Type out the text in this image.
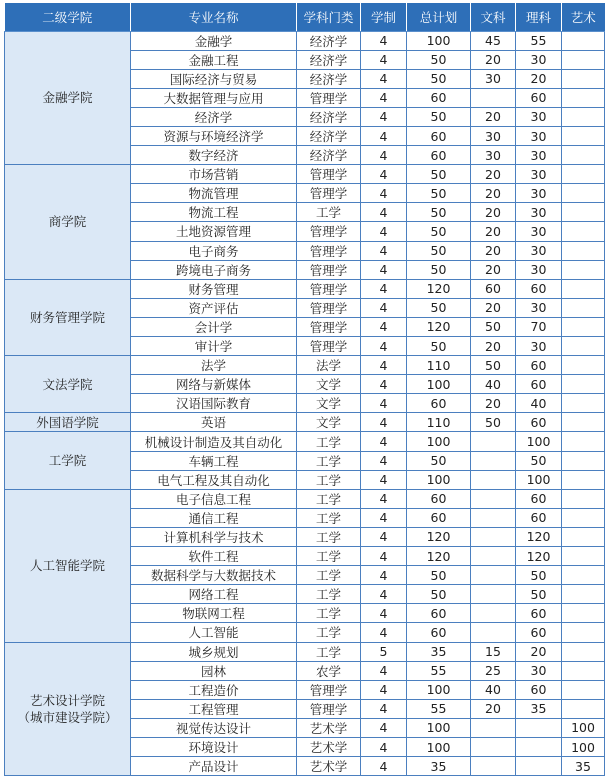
二级学院	专业名称	学科门类	学制	总计划	文科	理科	艺术

金融学院	金融学	经济学	4	100	45	55	
	金融工程	经济学	4	50	20	30	
	国际经济与贸易	经济学	4	50	30	20	
	大数据管理与应用	管理学	4	60		60	
	经济学	经济学	4	50	20	30	
	资源与环境经济学	经济学	4	60	30	30	
	数字经济	经济学	4	60	30	30	

商学院	市场营销	管理学	4	50	20	30	
	物流管理	管理学	4	50	20	30	
	物流工程	工学	4	50	20	30	
	土地资源管理	管理学	4	50	20	30	
	电子商务	管理学	4	50	20	30	
	跨境电子商务	管理学	4	50	20	30	

财务管理学院	财务管理	管理学	4	120	60	60	
	资产评估	管理学	4	50	20	30	
	会计学	管理学	4	120	50	70	
	审计学	管理学	4	50	20	30	

文法学院	法学	法学	4	110	50	60	
	网络与新媒体	文学	4	100	40	60	
	汉语国际教育	文学	4	60	20	40	

外国语学院	英语	文学	4	110	50	60	

工学院	机械设计制造及其自动化	工学	4	100		100	
	车辆工程	工学	4	50		50	
	电气工程及其自动化	工学	4	100		100	

人工智能学院	电子信息工程	工学	4	60		60	
	通信工程	工学	4	60		60	
	计算机科学与技术	工学	4	120		120	
	软件工程	工学	4	120		120	
	数据科学与大数据技术	工学	4	50		50	
	网络工程	工学	4	50		50	
	物联网工程	工学	4	60		60	
	人工智能	工学	4	60		60	

艺术设计学院
（城市建设学院）	城乡规划	工学	5	35	15	20	
	园林	农学	4	55	25	30	
	工程造价	管理学	4	100	40	60	
	工程管理	管理学	4	55	20	35	
	视觉传达设计	艺术学	4	100			100
	环境设计	艺术学	4	100			100
	产品设计	艺术学	4	35			35
